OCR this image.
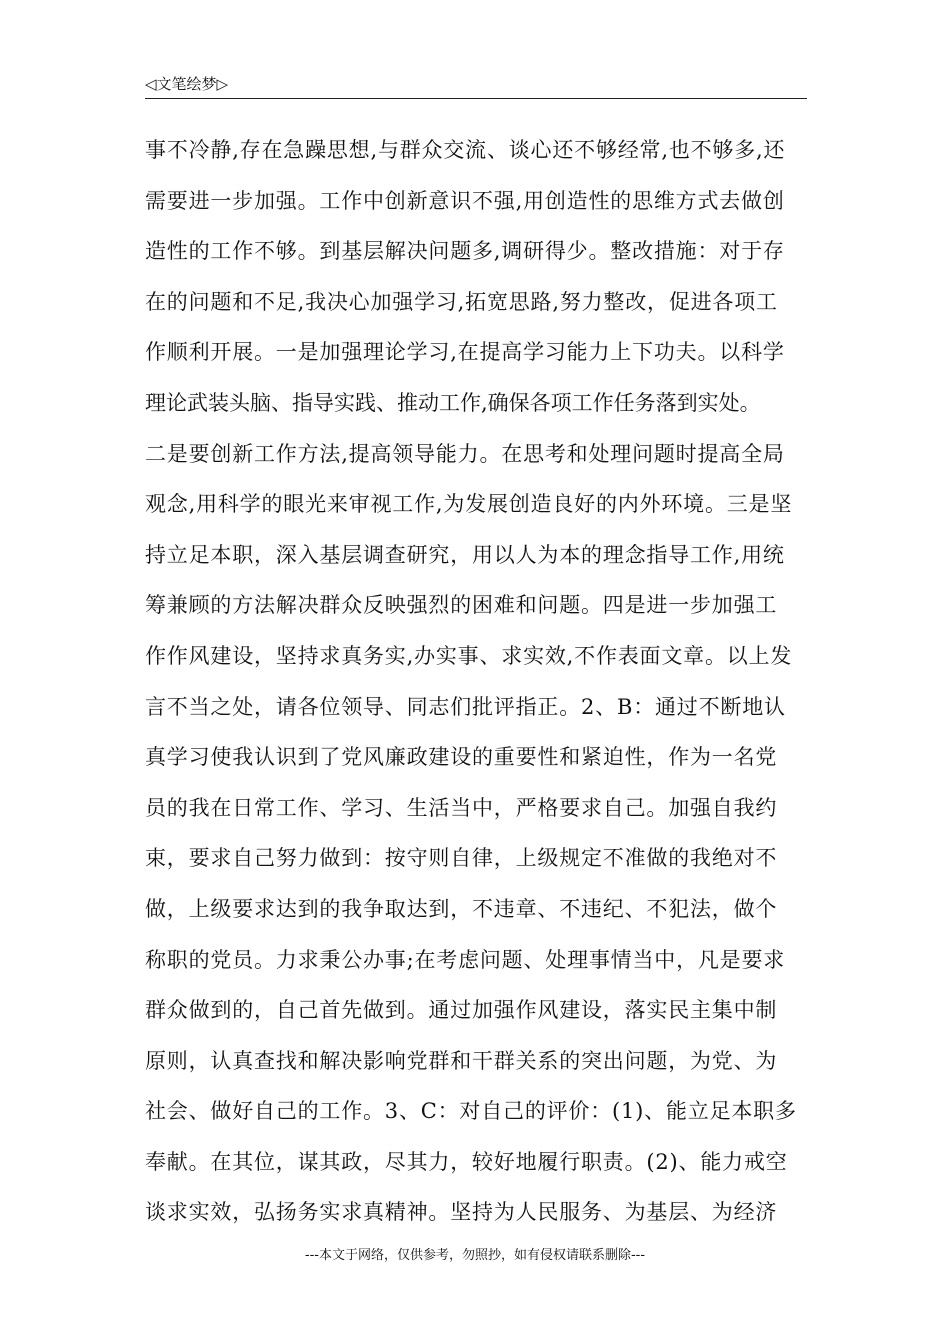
◁文笔绘梦▷
事不冷静,存在急躁思想,与群众交流、谈心还不够经常,也不够多,还
需要进一步加强。工作中创新意识不强,用创造性的思维方式去做创
造性的工作不够。到基层解决问题多,调研得少。整改措施：对于存
在的问题和不足,我决心加强学习,拓宽思路,努力整改，促进各项工
作顺利开展。一是加强理论学习,在提高学习能力上下功夫。以科学
理论武装头脑、指导实践、推动工作,确保各项工作任务落到实处。
二是要创新工作方法,提高领导能力。在思考和处理问题时提高全局
观念,用科学的眼光来审视工作,为发展创造良好的内外环境。三是坚
持立足本职，深入基层调查研究，用以人为本的理念指导工作,用统
筹兼顾的方法解决群众反映强烈的困难和问题。四是进一步加强工
作作风建设，坚持求真务实,办实事、求实效,不作表面文章。以上发
言不当之处，请各位领导、同志们批评指正。2、B：通过不断地认
真学习使我认识到了党风廉政建设的重要性和紧迫性，作为一名党
员的我在日常工作、学习、生活当中，严格要求自己。加强自我约
束，要求自己努力做到：按守则自律，上级规定不准做的我绝对不
做，上级要求达到的我争取达到，不违章、不违纪、不犯法，做个
称职的党员。力求秉公办事;在考虑问题、处理事情当中，凡是要求
群众做到的，自己首先做到。通过加强作风建设，落实民主集中制
原则，认真查找和解决影响党群和干群关系的突出问题，为党、为
社会、做好自己的工作。3、C：对自己的评价：(1)、能立足本职多
奉献。在其位，谋其政，尽其力，较好地履行职责。(2)、能力戒空
谈求实效，弘扬务实求真精神。坚持为人民服务、为基层、为经济
---本文于网络，仅供参考，勿照抄，如有侵权请联系删除---
